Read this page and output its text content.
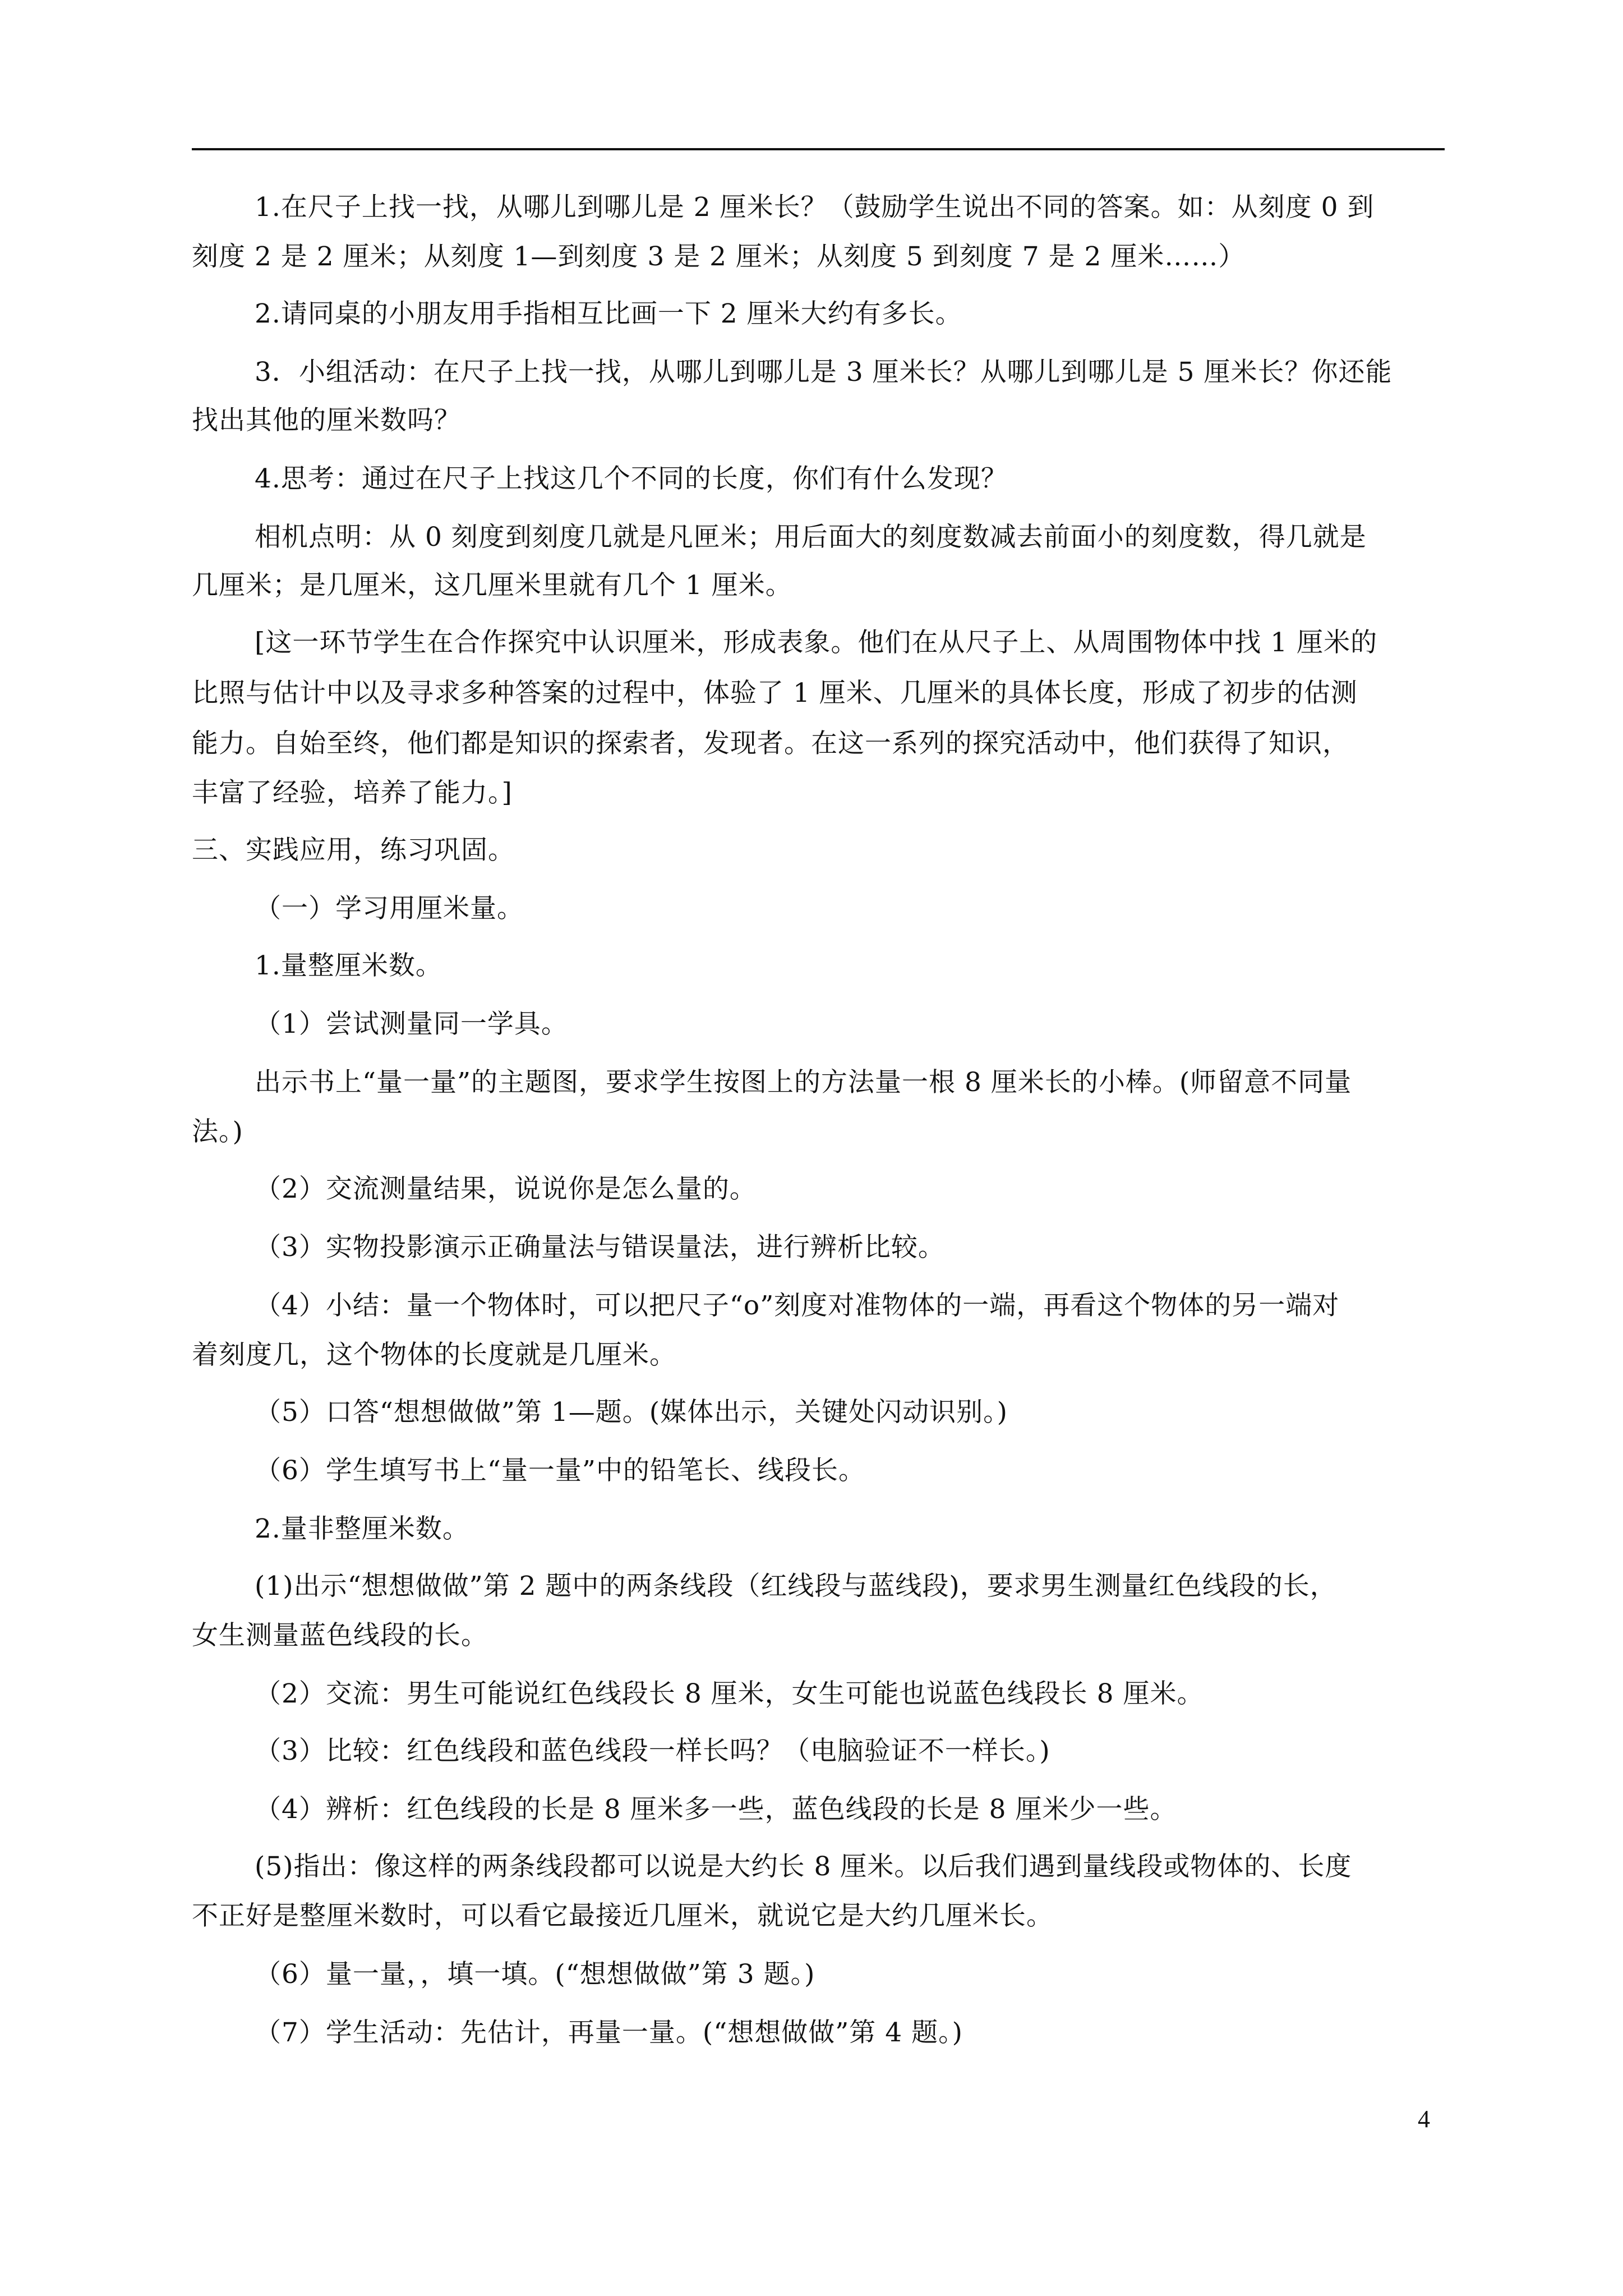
1.在尺子上找一找，从哪儿到哪儿是 2 厘米长？（鼓励学生说出不同的答案。如：从刻度 0 到
刻度 2 是 2 厘米；从刻度 1—到刻度 3 是 2 厘米；从刻度 5 到刻度 7 是 2 厘米……）
2.请同桌的小朋友用手指相互比画一下 2 厘米大约有多长。
3．小组活动：在尺子上找一找，从哪儿到哪儿是 3 厘米长？从哪儿到哪儿是 5 厘米长？你还能
找出其他的厘米数吗？
4.思考：通过在尺子上找这几个不同的长度，你们有什么发现？
相机点明：从 0 刻度到刻度几就是凡匣米；用后面大的刻度数减去前面小的刻度数，得几就是
几厘米；是几厘米，这几厘米里就有几个 1 厘米。
[这一环节学生在合作探究中认识厘米，形成表象。他们在从尺子上、从周围物体中找 1 厘米的
比照与估计中以及寻求多种答案的过程中，体验了 1 厘米、几厘米的具体长度，形成了初步的估测
能力。自始至终，他们都是知识的探索者，发现者。在这一系列的探究活动中，他们获得了知识，
丰富了经验，培养了能力。]
三、实践应用，练习巩固。
（一）学习用厘米量。
1.量整厘米数。
（1）尝试测量同一学具。
出示书上“量一量”的主题图，要求学生按图上的方法量一根 8 厘米长的小棒。(师留意不同量
法。)
（2）交流测量结果，说说你是怎么量的。
（3）实物投影演示正确量法与错误量法，进行辨析比较。
（4）小结：量一个物体时，可以把尺子“o”刻度对准物体的一端，再看这个物体的另一端对
着刻度几，这个物体的长度就是几厘米。
（5）口答“想想做做”第 1—题。(媒体出示，关键处闪动识别。)
（6）学生填写书上“量一量”中的铅笔长、线段长。
2.量非整厘米数。
(1)出示“想想做做”第 2 题中的两条线段（红线段与蓝线段)，要求男生测量红色线段的长，
女生测量蓝色线段的长。
（2）交流：男生可能说红色线段长 8 厘米，女生可能也说蓝色线段长 8 厘米。
（3）比较：红色线段和蓝色线段一样长吗？（电脑验证不一样长。)
（4）辨析：红色线段的长是 8 厘米多一些，蓝色线段的长是 8 厘米少一些。
(5)指出：像这样的两条线段都可以说是大约长 8 厘米。以后我们遇到量线段或物体的、长度
不正好是整厘米数时，可以看它最接近几厘米，就说它是大约几厘米长。
（6）量一量，，填一填。(“想想做做”第 3 题。)
（7）学生活动：先估计，再量一量。(“想想做做”第 4 题。)
4
